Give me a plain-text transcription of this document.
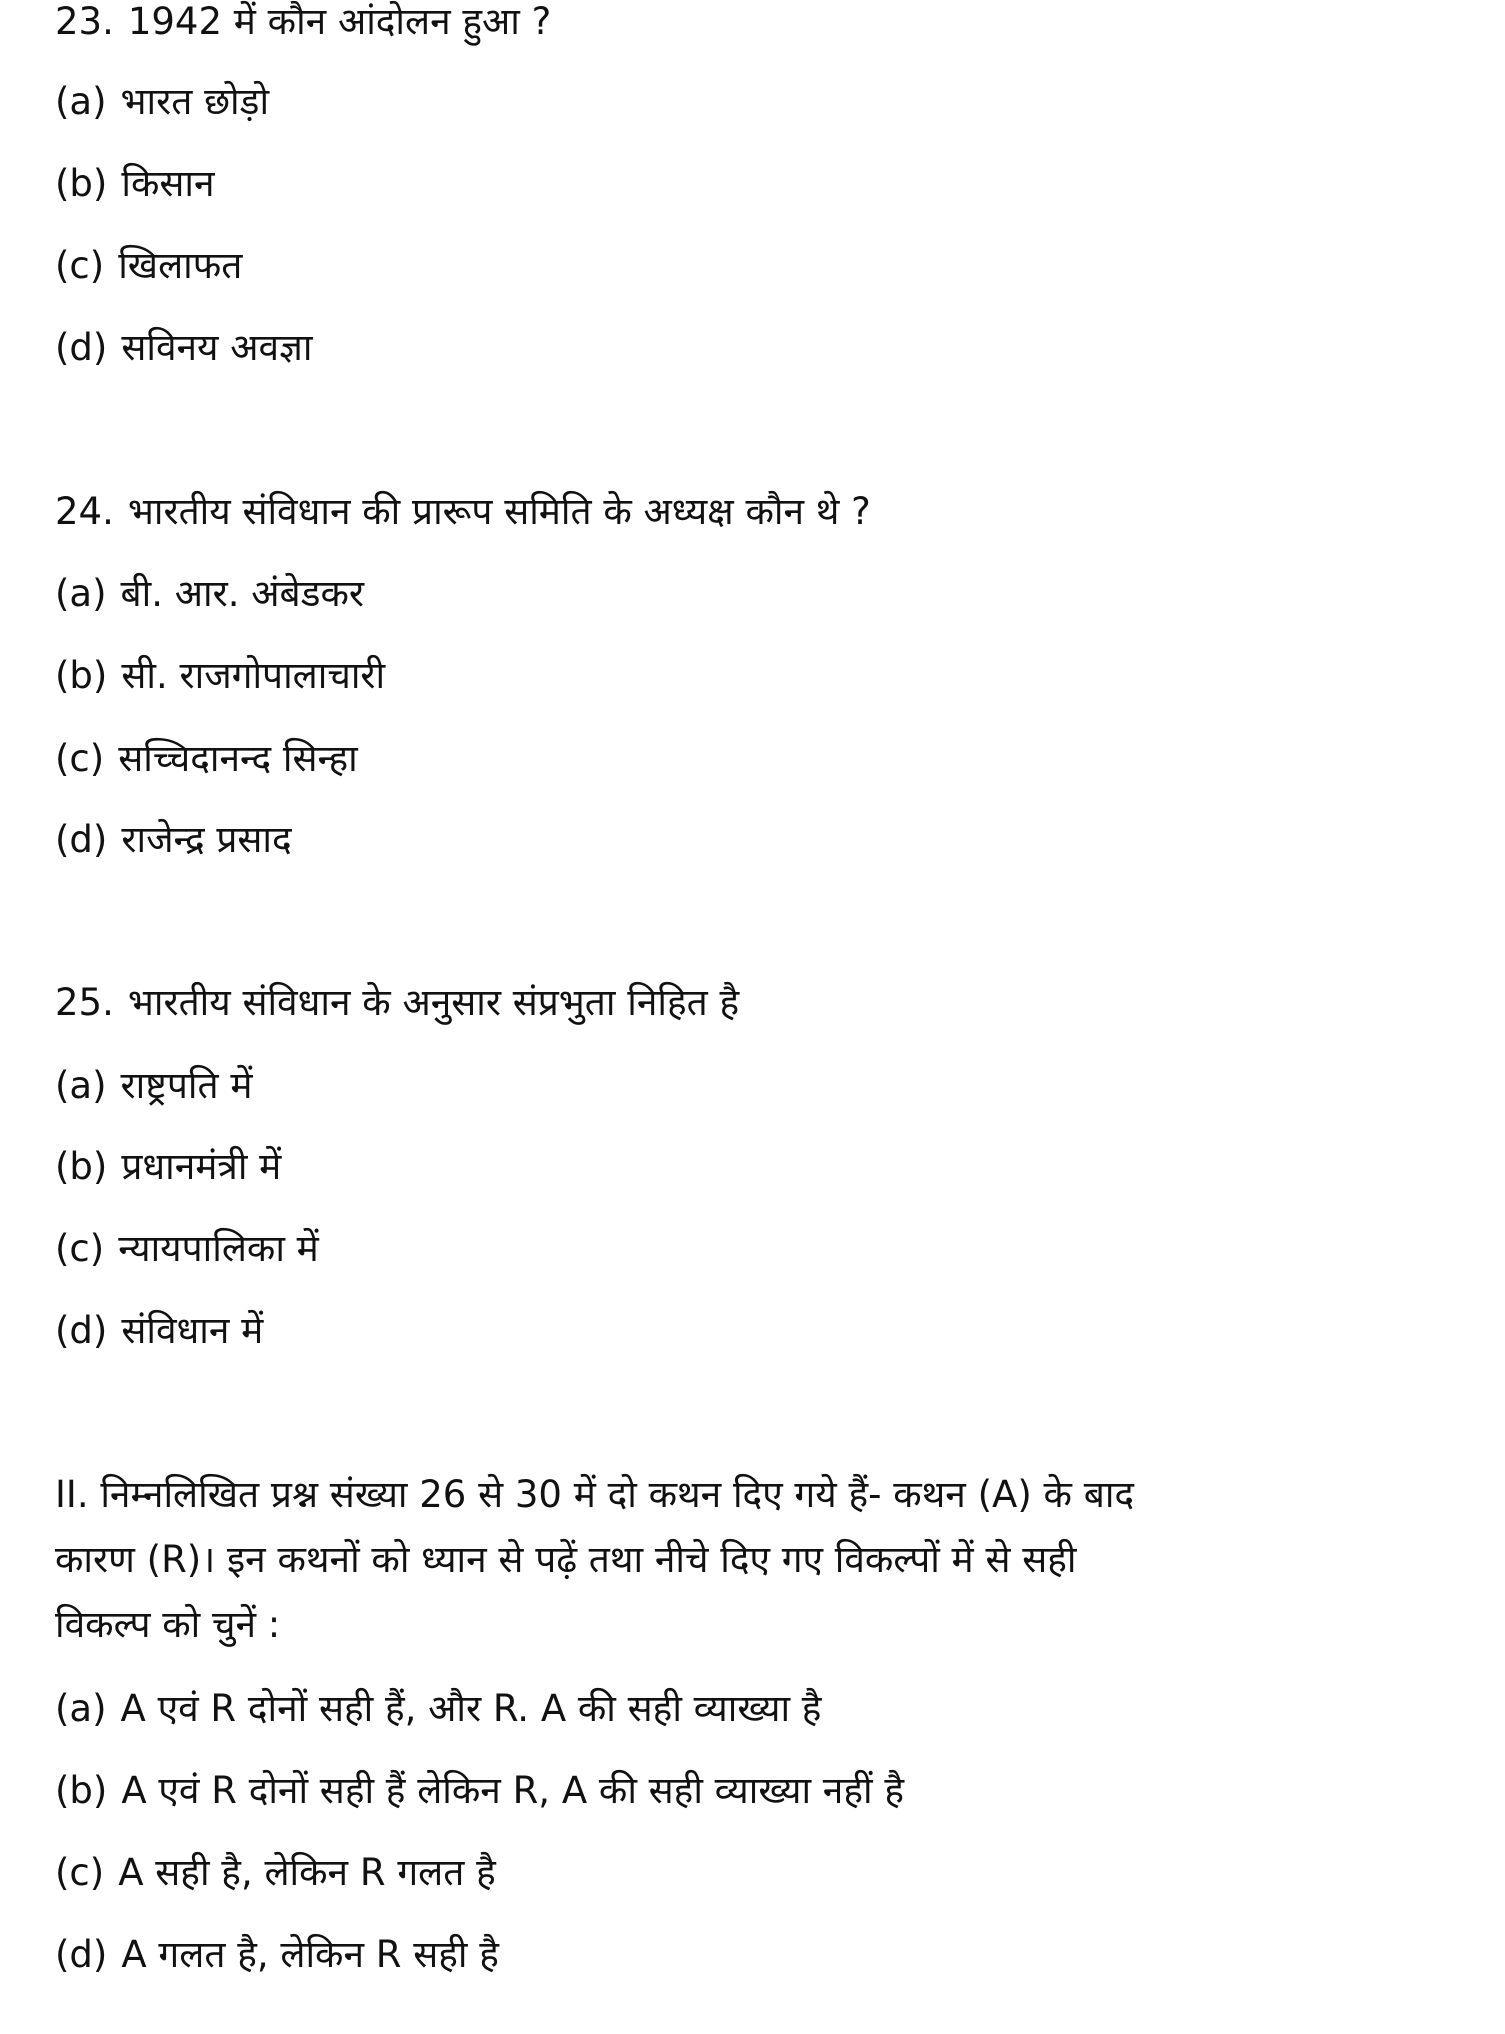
23. 1942 में कौन आंदोलन हुआ ?
(a) भारत छोड़ो
(b) किसान
(c) खिलाफत
(d) सविनय अवज्ञा
24. भारतीय संविधान की प्रारूप समिति के अध्यक्ष कौन थे ?
(a) बी. आर. अंबेडकर
(b) सी. राजगोपालाचारी
(c) सच्चिदानन्द सिन्हा
(d) राजेन्द्र प्रसाद
25. भारतीय संविधान के अनुसार संप्रभुता निहित है
(a) राष्ट्रपति में
(b) प्रधानमंत्री में
(c) न्यायपालिका में
(d) संविधान में
II. निम्नलिखित प्रश्न संख्या 26 से 30 में दो कथन दिए गये हैं- कथन (A) के बाद
कारण (R)। इन कथनों को ध्यान से पढ़ें तथा नीचे दिए गए विकल्पों में से सही
विकल्प को चुनें :
(a) A एवं R दोनों सही हैं, और R. A की सही व्याख्या है
(b) A एवं R दोनों सही हैं लेकिन R, A की सही व्याख्या नहीं है
(c) A सही है, लेकिन R गलत है
(d) A गलत है, लेकिन R सही है
